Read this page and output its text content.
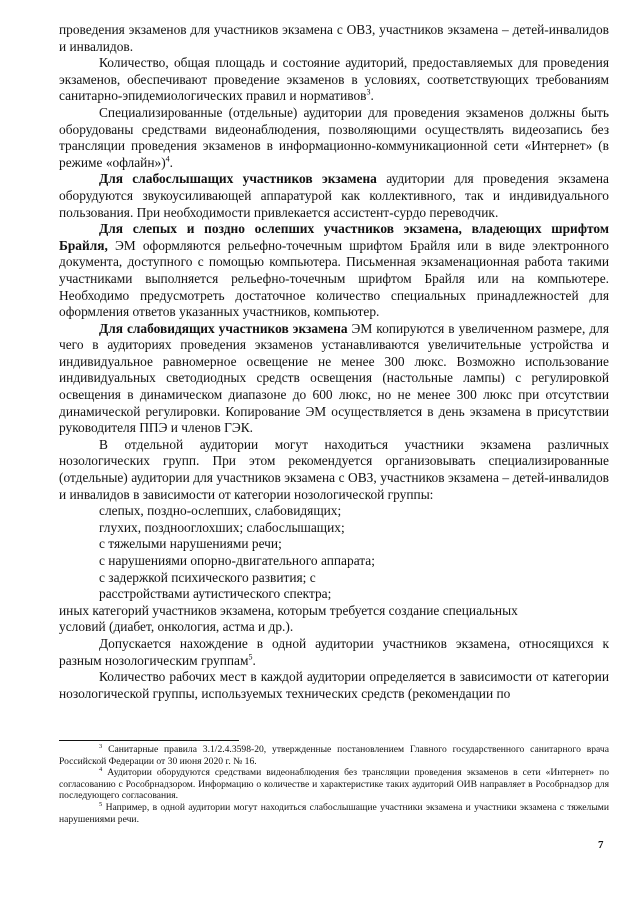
проведения экзаменов для участников экзамена с ОВЗ, участников экзамена – детей-инвалидов и инвалидов.

Количество, общая площадь и состояние аудиторий, предоставляемых для проведения экзаменов, обеспечивают проведение экзаменов в условиях, соответствующих требованиям санитарно-эпидемиологических правил и нормативов$^3$.

Специализированные (отдельные) аудитории для проведения экзаменов должны быть оборудованы средствами видеонаблюдения, позволяющими осуществлять видеозапись без трансляции проведения экзаменов в информационно-коммуникационной сети «Интернет» (в режиме «офлайн»)$^4$.

Для слабослышащих участников экзамена аудитории для проведения экзамена оборудуются звукоусиливающей аппаратурой как коллективного, так и индивидуального пользования. При необходимости привлекается ассистент-сурдо переводчик.

Для слепых и поздно ослепших участников экзамена, владеющих шрифтом Брайля, ЭМ оформляются рельефно-точечным шрифтом Брайля или в виде электронного документа, доступного с помощью компьютера. Письменная экзаменационная работа такими участниками выполняется рельефно-точечным шрифтом Брайля или на компьютере. Необходимо предусмотреть достаточное количество специальных принадлежностей для оформления ответов указанных участников, компьютер.

Для слабовидящих участников экзамена ЭМ копируются в увеличенном размере, для чего в аудиториях проведения экзаменов устанавливаются увеличительные устройства и индивидуальное равномерное освещение не менее 300 люкс. Возможно использование индивидуальных светодиодных средств освещения (настольные лампы) с регулировкой освещения в динамическом диапазоне до 600 люкс, но не менее 300 люкс при отсутствии динамической регулировки. Копирование ЭМ осуществляется в день экзамена в присутствии руководителя ППЭ и членов ГЭК.

В отдельной аудитории могут находиться участники экзамена различных нозологических групп. При этом рекомендуется организовывать специализированные (отдельные) аудитории для участников экзамена с ОВЗ, участников экзамена – детей-инвалидов и инвалидов в зависимости от категории нозологической группы:

слепых, поздно-ослепших, слабовидящих;

глухих, позднооглохших; слабослышащих;

с тяжелыми нарушениями речи;

с нарушениями опорно-двигательного аппарата;

с задержкой психического развития; с

расстройствами аутистического спектра;

иных категорий участников экзамена, которым требуется создание специальных

условий (диабет, онкология, астма и др.).

Допускается нахождение в одной аудитории участников экзамена, относящихся к разным нозологическим группам$^5$.

Количество рабочих мест в каждой аудитории определяется в зависимости от категории нозологической группы, используемых технических средств (рекомендации по

$^3$ Санитарные правила 3.1/2.4.3598-20, утвержденные постановлением Главного государственного санитарного врача Российской Федерации от 30 июня 2020 г. № 16.

$^4$ Аудитории оборудуются средствами видеонаблюдения без трансляции проведения экзаменов в сети «Интернет» по согласованию с Рособрнадзором. Информацию о количестве и характеристике таких аудиторий ОИВ направляет в Рособрнадзор для последующего согласования.

$^5$ Например, в одной аудитории могут находиться слабослышащие участники экзамена и участники экзамена с тяжелыми нарушениями речи.

7
